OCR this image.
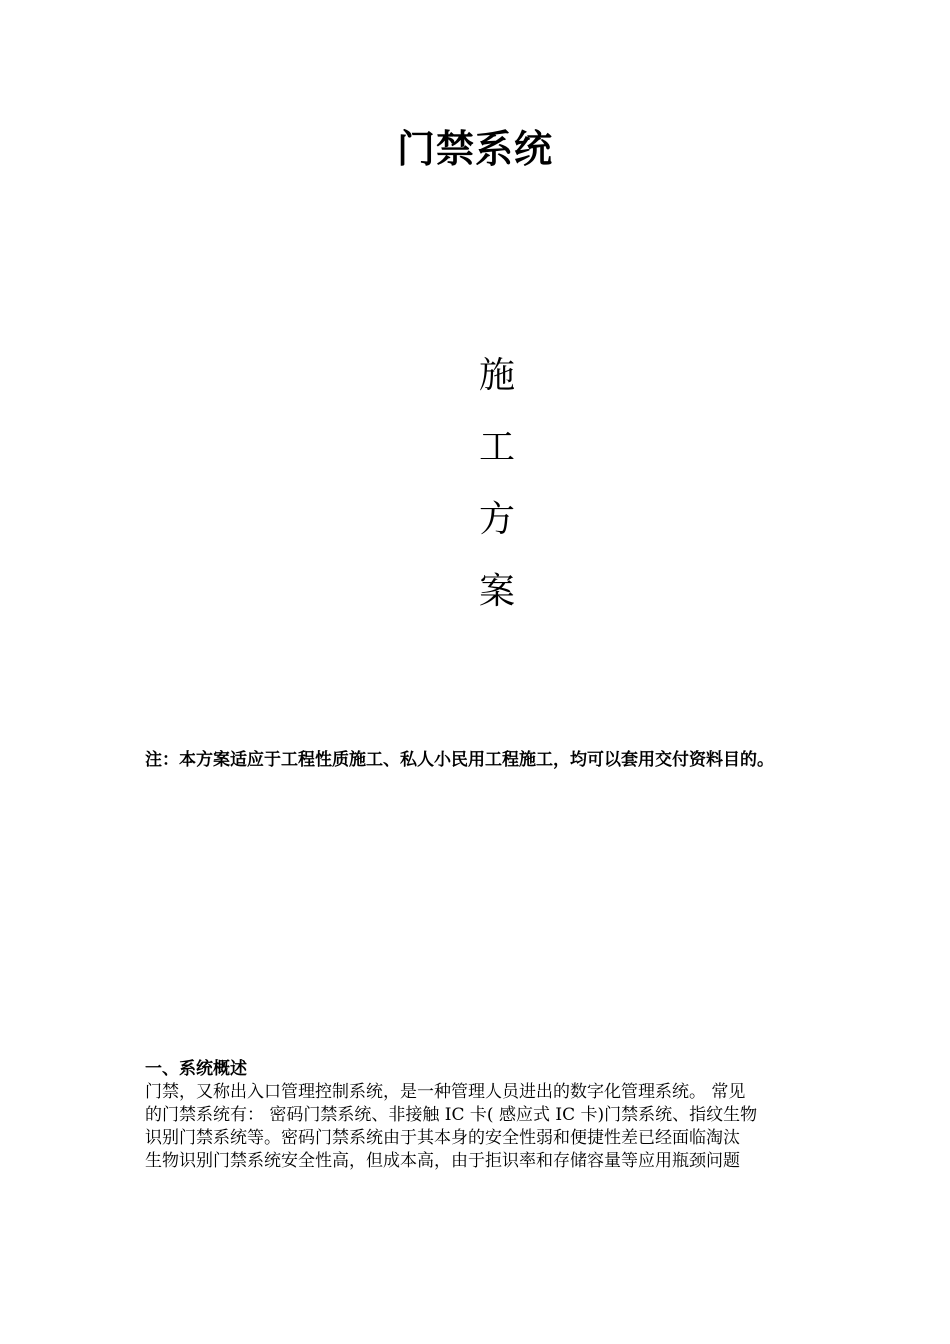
门禁系统
施
工
方
案

注：本方案适应于工程性质施工、私人小民用工程施工，均可以套用交付资料目的。

一、系统概述
门禁，又称出入口管理控制系统，是一种管理人员进出的数字化管理系统。 常见
的门禁系统有： 密码门禁系统、非接触 IC 卡( 感应式 IC 卡)门禁系统、指纹生物
识别门禁系统等。密码门禁系统由于其本身的安全性弱和便捷性差已经面临淘汰
生物识别门禁系统安全性高，但成本高，由于拒识率和存储容量等应用瓶颈问题
